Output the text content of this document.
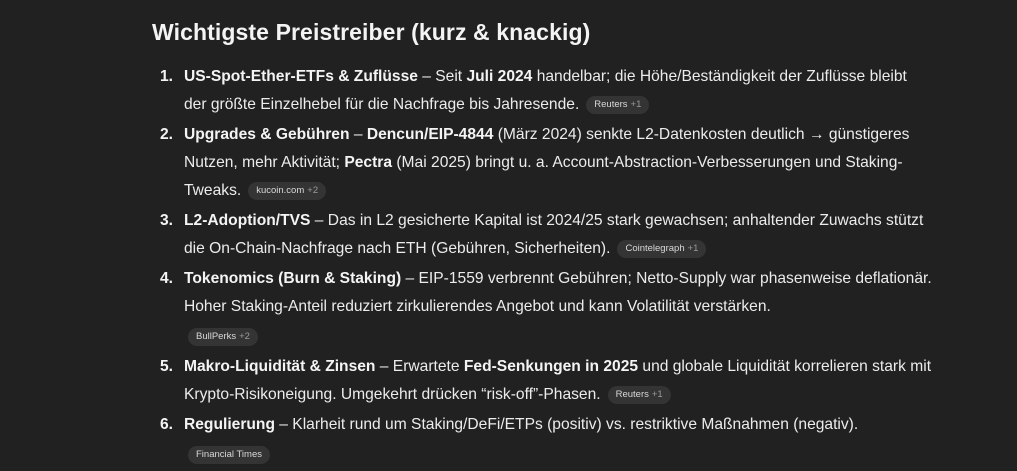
Wichtigste Preistreiber (kurz & knackig)
1. US-Spot-Ether-ETFs & Zuflüsse – Seit Juli 2024 handelbar; die Höhe/Beständigkeit der Zuflüsse bleibt der größte Einzelhebel für die Nachfrage bis Jahresende. Reuters +1
2. Upgrades & Gebühren – Dencun/EIP-4844 (März 2024) senkte L2-Datenkosten deutlich → günstigeres Nutzen, mehr Aktivität; Pectra (Mai 2025) bringt u. a. Account-Abstraction-Verbesserungen und Staking-Tweaks. kucoin.com +2
3. L2-Adoption/TVS – Das in L2 gesicherte Kapital ist 2024/25 stark gewachsen; anhaltender Zuwachs stützt die On-Chain-Nachfrage nach ETH (Gebühren, Sicherheiten). Cointelegraph +1
4. Tokenomics (Burn & Staking) – EIP-1559 verbrennt Gebühren; Netto-Supply war phasenweise deflationär. Hoher Staking-Anteil reduziert zirkulierendes Angebot und kann Volatilität verstärken.
BullPerks +2
5. Makro-Liquidität & Zinsen – Erwartete Fed-Senkungen in 2025 und globale Liquidität korrelieren stark mit Krypto-Risikoneigung. Umgekehrt drücken “risk-off”-Phasen. Reuters +1
6. Regulierung – Klarheit rund um Staking/DeFi/ETPs (positiv) vs. restriktive Maßnahmen (negativ).
Financial Times
